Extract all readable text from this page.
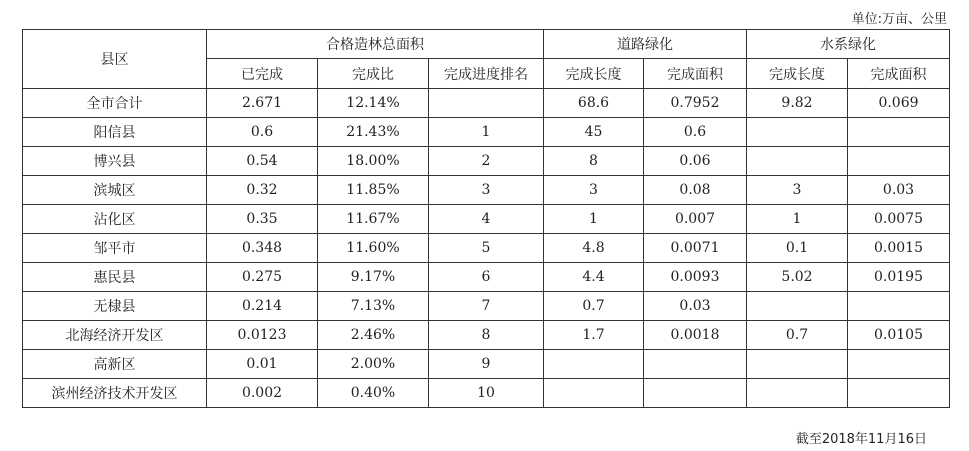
单位:万亩、公里
县区	合格造林总面积			道路绿化		水系绿化	
	已完成	完成比	完成进度排名	完成长度	完成面积	完成长度	完成面积
全市合计	2.671	12.14%		68.6	0.7952	9.82	0.069
阳信县	0.6	21.43%	1	45	0.6		
博兴县	0.54	18.00%	2	8	0.06		
滨城区	0.32	11.85%	3	3	0.08	3	0.03
沾化区	0.35	11.67%	4	1	0.007	1	0.0075
邹平市	0.348	11.60%	5	4.8	0.0071	0.1	0.0015
惠民县	0.275	9.17%	6	4.4	0.0093	5.02	0.0195
无棣县	0.214	7.13%	7	0.7	0.03		
北海经济开发区	0.0123	2.46%	8	1.7	0.0018	0.7	0.0105
高新区	0.01	2.00%	9				
滨州经济技术开发区	0.002	0.40%	10				
截至2018年11月16日
